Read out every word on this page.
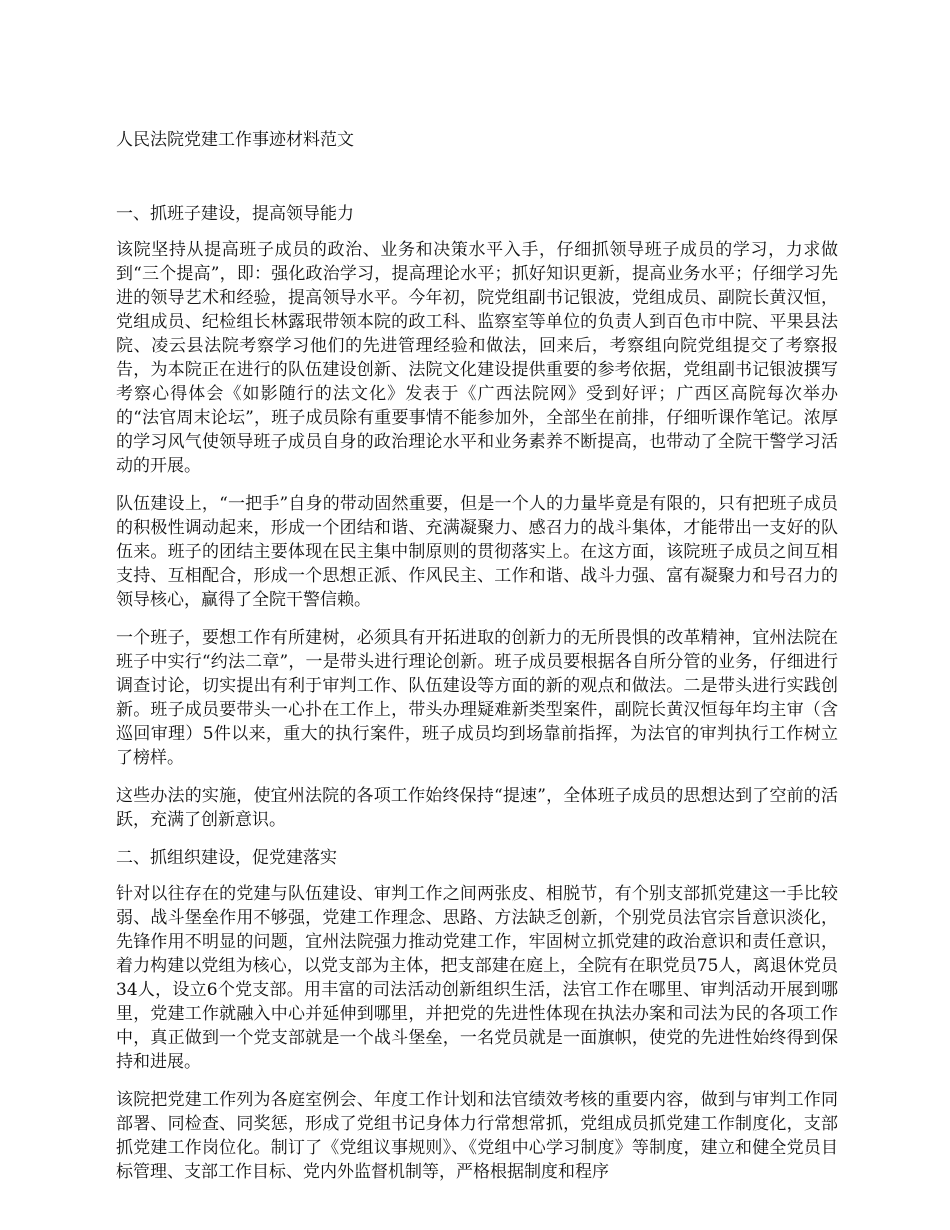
人民法院党建工作事迹材料范文
一、抓班子建设，提高领导能力

该院坚持从提高班子成员的政治、业务和决策水平入手，仔细抓领导班子成员的学习，力求做到“三个提高”，即：强化政治学习，提高理论水平；抓好知识更新，提高业务水平；仔细学习先进的领导艺术和经验，提高领导水平。今年初，院党组副书记银波，党组成员、副院长黄汉恒，党组成员、纪检组长林露珉带领本院的政工科、监察室等单位的负责人到百色市中院、平果县法院、凌云县法院考察学习他们的先进管理经验和做法，回来后，考察组向院党组提交了考察报告，为本院正在进行的队伍建设创新、法院文化建设提供重要的参考依据，党组副书记银波撰写考察心得体会《如影随行的法文化》发表于《广西法院网》受到好评；广西区高院每次举办的“法官周末论坛”，班子成员除有重要事情不能参加外，全部坐在前排，仔细听课作笔记。浓厚的学习风气使领导班子成员自身的政治理论水平和业务素养不断提高，也带动了全院干警学习活动的开展。

队伍建设上，“一把手”自身的带动固然重要，但是一个人的力量毕竟是有限的，只有把班子成员的积极性调动起来，形成一个团结和谐、充满凝聚力、感召力的战斗集体，才能带出一支好的队伍来。班子的团结主要体现在民主集中制原则的贯彻落实上。在这方面，该院班子成员之间互相支持、互相配合，形成一个思想正派、作风民主、工作和谐、战斗力强、富有凝聚力和号召力的领导核心，赢得了全院干警信赖。

一个班子，要想工作有所建树，必须具有开拓进取的创新力的无所畏惧的改革精神，宜州法院在班子中实行“约法二章”，一是带头进行理论创新。班子成员要根据各自所分管的业务，仔细进行调查讨论，切实提出有利于审判工作、队伍建设等方面的新的观点和做法。二是带头进行实践创新。班子成员要带头一心扑在工作上，带头办理疑难新类型案件，副院长黄汉恒每年均主审（含巡回审理）5件以来，重大的执行案件，班子成员均到场靠前指挥，为法官的审判执行工作树立了榜样。

这些办法的实施，使宜州法院的各项工作始终保持“提速”，全体班子成员的思想达到了空前的活跃，充满了创新意识。

二、抓组织建设，促党建落实

针对以往存在的党建与队伍建设、审判工作之间两张皮、相脱节，有个别支部抓党建这一手比较弱、战斗堡垒作用不够强，党建工作理念、思路、方法缺乏创新，个别党员法官宗旨意识淡化，先锋作用不明显的问题，宜州法院强力推动党建工作，牢固树立抓党建的政治意识和责任意识，着力构建以党组为核心，以党支部为主体，把支部建在庭上，全院有在职党员75人，离退休党员34人，设立6个党支部。用丰富的司法活动创新组织生活，法官工作在哪里、审判活动开展到哪里，党建工作就融入中心并延伸到哪里，并把党的先进性体现在执法办案和司法为民的各项工作中，真正做到一个党支部就是一个战斗堡垒，一名党员就是一面旗帜，使党的先进性始终得到保持和进展。

该院把党建工作列为各庭室例会、年度工作计划和法官绩效考核的重要内容，做到与审判工作同部署、同检查、同奖惩，形成了党组书记身体力行常想常抓，党组成员抓党建工作制度化，支部抓党建工作岗位化。制订了《党组议事规则》、《党组中心学习制度》等制度，建立和健全党员目标管理、支部工作目标、党内外监督机制等，严格根据制度和程序
